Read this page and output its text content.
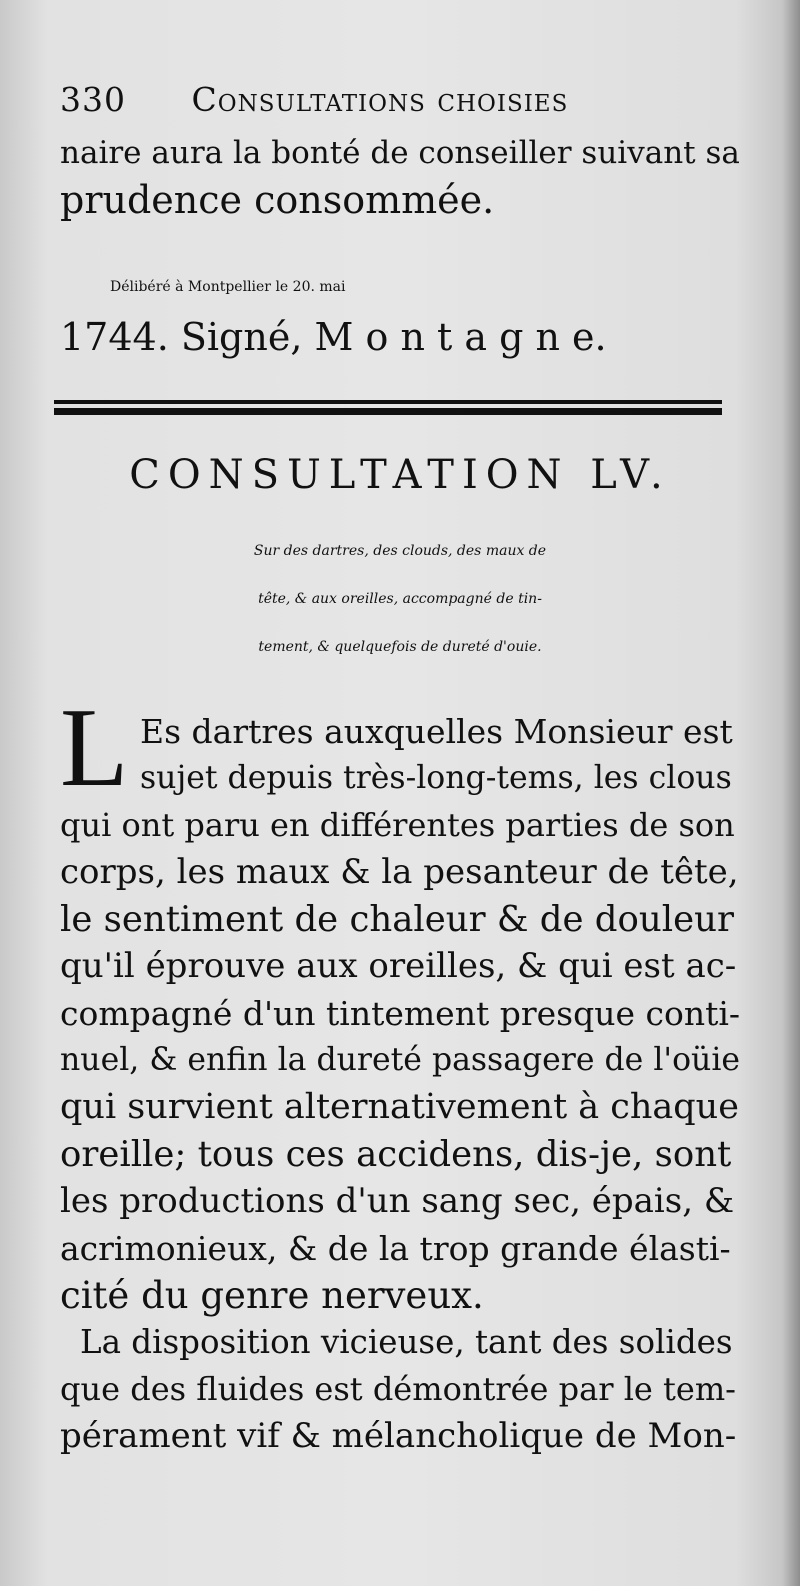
330 Consultations choisies
naire aura la bonté de conseiller suivant sa
prudence consommée.
Délibéré à Montpellier le 20. mai
1744. Signé, M o n t a g n e.
CONSULTATION LV.
Sur des dartres, des clouds, des maux de
tête, & aux oreilles, accompagné de tin-
tement, & quelquefois de dureté d'ouie.
L Es dartres auxquelles Monsieur est
sujet depuis très-long-tems, les clous
qui ont paru en différentes parties de son
corps, les maux & la pesanteur de tête,
le sentiment de chaleur & de douleur
qu'il éprouve aux oreilles, & qui est ac-
compagné d'un tintement presque conti-
nuel, & enfin la dureté passagere de l'oüie
qui survient alternativement à chaque
oreille; tous ces accidens, dis-je, sont
les productions d'un sang sec, épais, &
acrimonieux, & de la trop grande élasti-
cité du genre nerveux.
La disposition vicieuse, tant des solides
que des fluides est démontrée par le tem-
pérament vif & mélancholique de Mon-
